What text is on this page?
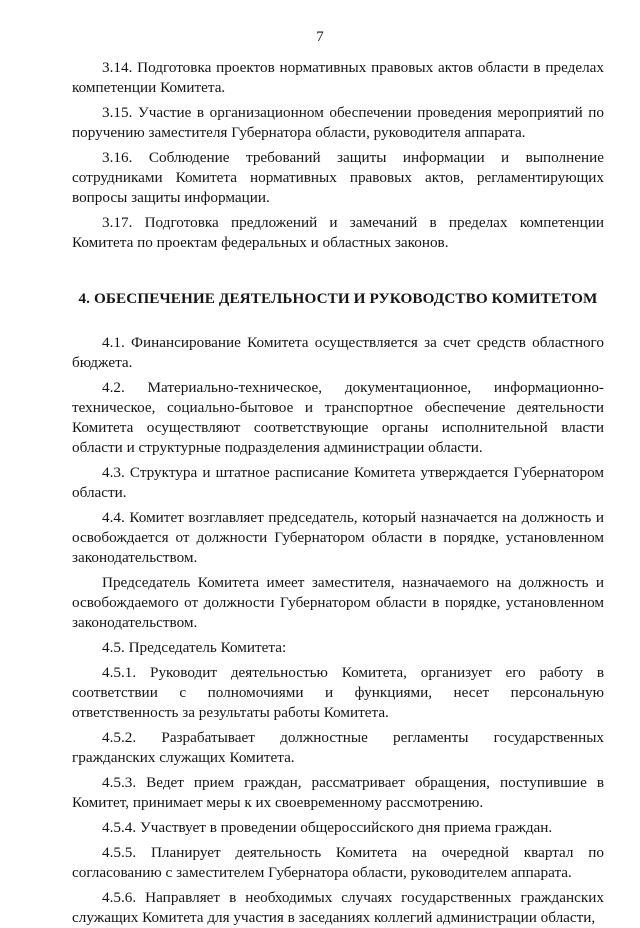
7

3.14. Подготовка проектов нормативных правовых актов области в пределах компетенции Комитета.

3.15. Участие в организационном обеспечении проведения мероприятий по поручению заместителя Губернатора области, руководителя аппарата.

3.16. Соблюдение требований защиты информации и выполнение сотрудниками Комитета нормативных правовых актов, регламентирующих вопросы защиты информации.

3.17. Подготовка предложений и замечаний в пределах компетенции Комитета по проектам федеральных и областных законов.

4. ОБЕСПЕЧЕНИЕ ДЕЯТЕЛЬНОСТИ И РУКОВОДСТВО КОМИТЕТОМ

4.1. Финансирование Комитета осуществляется за счет средств областного бюджета.

4.2. Материально-техническое, документационное, информационно-техническое, социально-бытовое и транспортное обеспечение деятельности Комитета осуществляют соответствующие органы исполнительной власти области и структурные подразделения администрации области.

4.3. Структура и штатное расписание Комитета утверждается Губернатором области.

4.4. Комитет возглавляет председатель, который назначается на должность и освобождается от должности Губернатором области в порядке, установленном законодательством.

Председатель Комитета имеет заместителя, назначаемого на должность и освобождаемого от должности Губернатором области в порядке, установленном законодательством.

4.5. Председатель Комитета:

4.5.1. Руководит деятельностью Комитета, организует его работу в соответствии с полномочиями и функциями, несет персональную ответственность за результаты работы Комитета.

4.5.2. Разрабатывает должностные регламенты государственных гражданских служащих Комитета.

4.5.3. Ведет прием граждан, рассматривает обращения, поступившие в Комитет, принимает меры к их своевременному рассмотрению.

4.5.4. Участвует в проведении общероссийского дня приема граждан.

4.5.5. Планирует деятельность Комитета на очередной квартал по согласованию с заместителем Губернатора области, руководителем аппарата.

4.5.6. Направляет в необходимых случаях государственных гражданских служащих Комитета для участия в заседаниях коллегий администрации области,
